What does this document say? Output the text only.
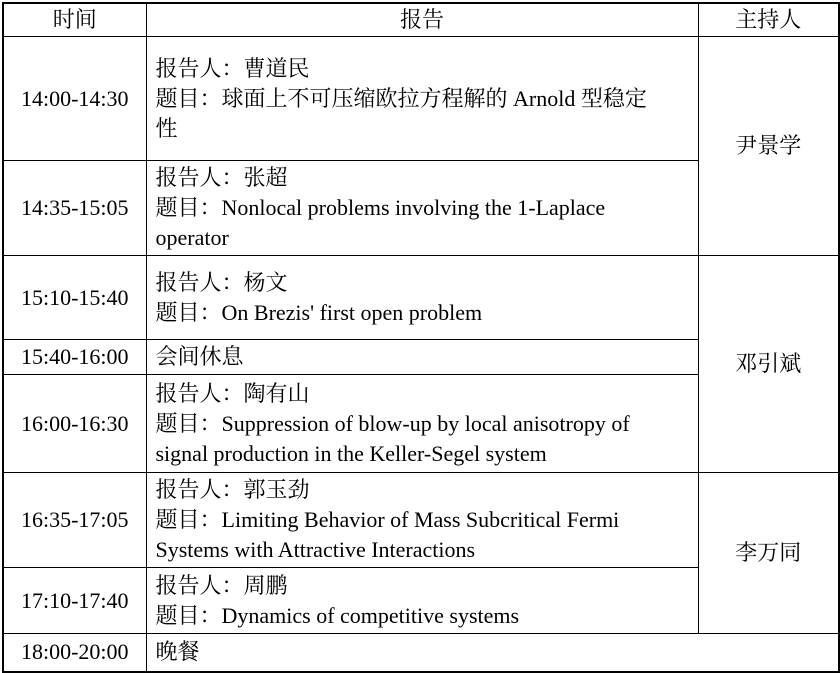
时间	报告	主持人
14:00-14:30	报告人：曹道民
题目：球面上不可压缩欧拉方程解的 Arnold 型稳定性	尹景学
14:35-15:05	报告人：张超
题目：Nonlocal problems involving the 1-Laplace operator	

15:10-15:40	报告人：杨文
题目：On Brezis' first open problem	邓引斌
15:40-16:00	会间休息	
16:00-16:30	报告人：陶有山
题目：Suppression of blow-up by local anisotropy of signal production in the Keller-Segel system	

16:35-17:05	报告人：郭玉劲
题目：Limiting Behavior of Mass Subcritical Fermi Systems with Attractive Interactions	李万同
17:10-17:40	报告人：周鹏
题目：Dynamics of competitive systems	

18:00-20:00	晚餐	
